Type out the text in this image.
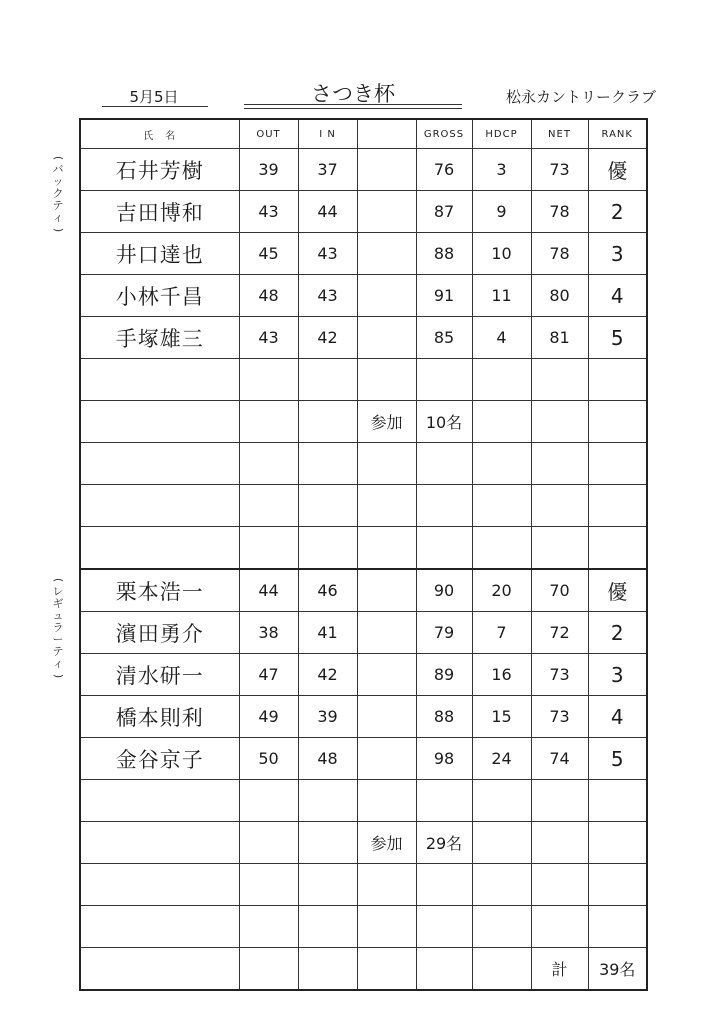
5月5日	さつき杯	松永カントリークラブ
(
バ
ッ
ク
テ
ィ
)
(
レ
ギ
ュ
ラ
ー
テ
ィ
)
氏　名	OUT	I N		GROSS	HDCP	NET	RANK
石井芳樹	39	37		76	3	73	優
吉田博和	43	44		87	9	78	2
井口達也	45	43		88	10	78	3
小林千昌	48	43		91	11	80	4
手塚雄三	43	42		85	4	81	5

			参加	10名			

栗本浩一	44	46		90	20	70	優
濱田勇介	38	41		79	7	72	2
清水研一	47	42		89	16	73	3
橋本則利	49	39		88	15	73	4
金谷京子	50	48		98	24	74	5

			参加	29名			

						計	39名
